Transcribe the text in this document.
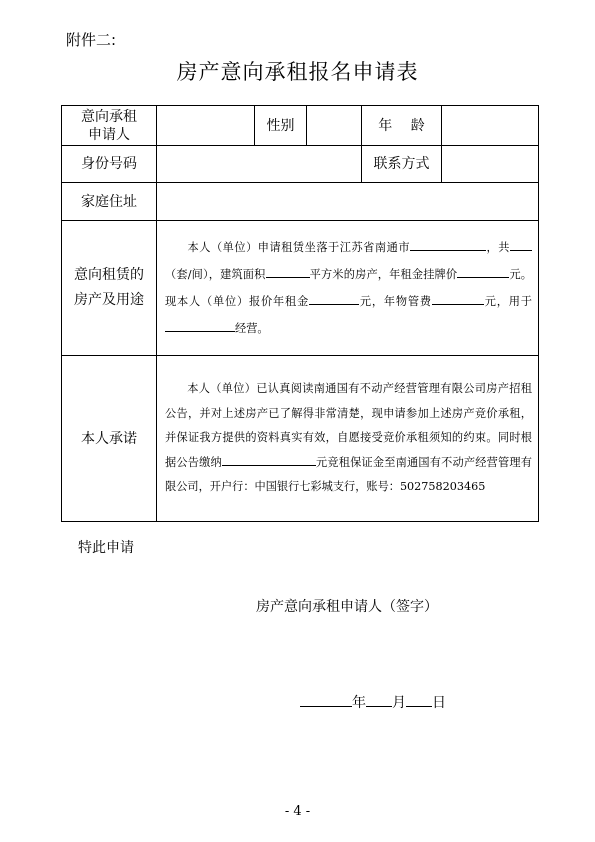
附件二:
房产意向承租报名申请表
意向承租申请人		性别		年　 龄	
身份号码				联系方式	
家庭住址					
意向租赁的房产及用途	本人（单位）申请租赁坐落于江苏省南通市 ，共（套/间），建筑面积 平方米的房产，年租金挂牌价 元。现本人（单位）报价年租金 元，年物管费 元，用于经营。				

本人承诺	本人（单位）已认真阅读南通国有不动产经营管理有限公司房产招租公告，并对上述房产已了解得非常清楚，现申请参加上述房产竞价承租，并保证我方提供的资料真实有效，自愿接受竞价承租须知的约束。同时根据公告缴纳 元竞租保证金至南通国有不动产经营管理有限公司，开户行：中国银行七彩城支行，账号：502758203465				
特此申请
房产意向承租申请人（签字）
年 月 日
- 4 -
